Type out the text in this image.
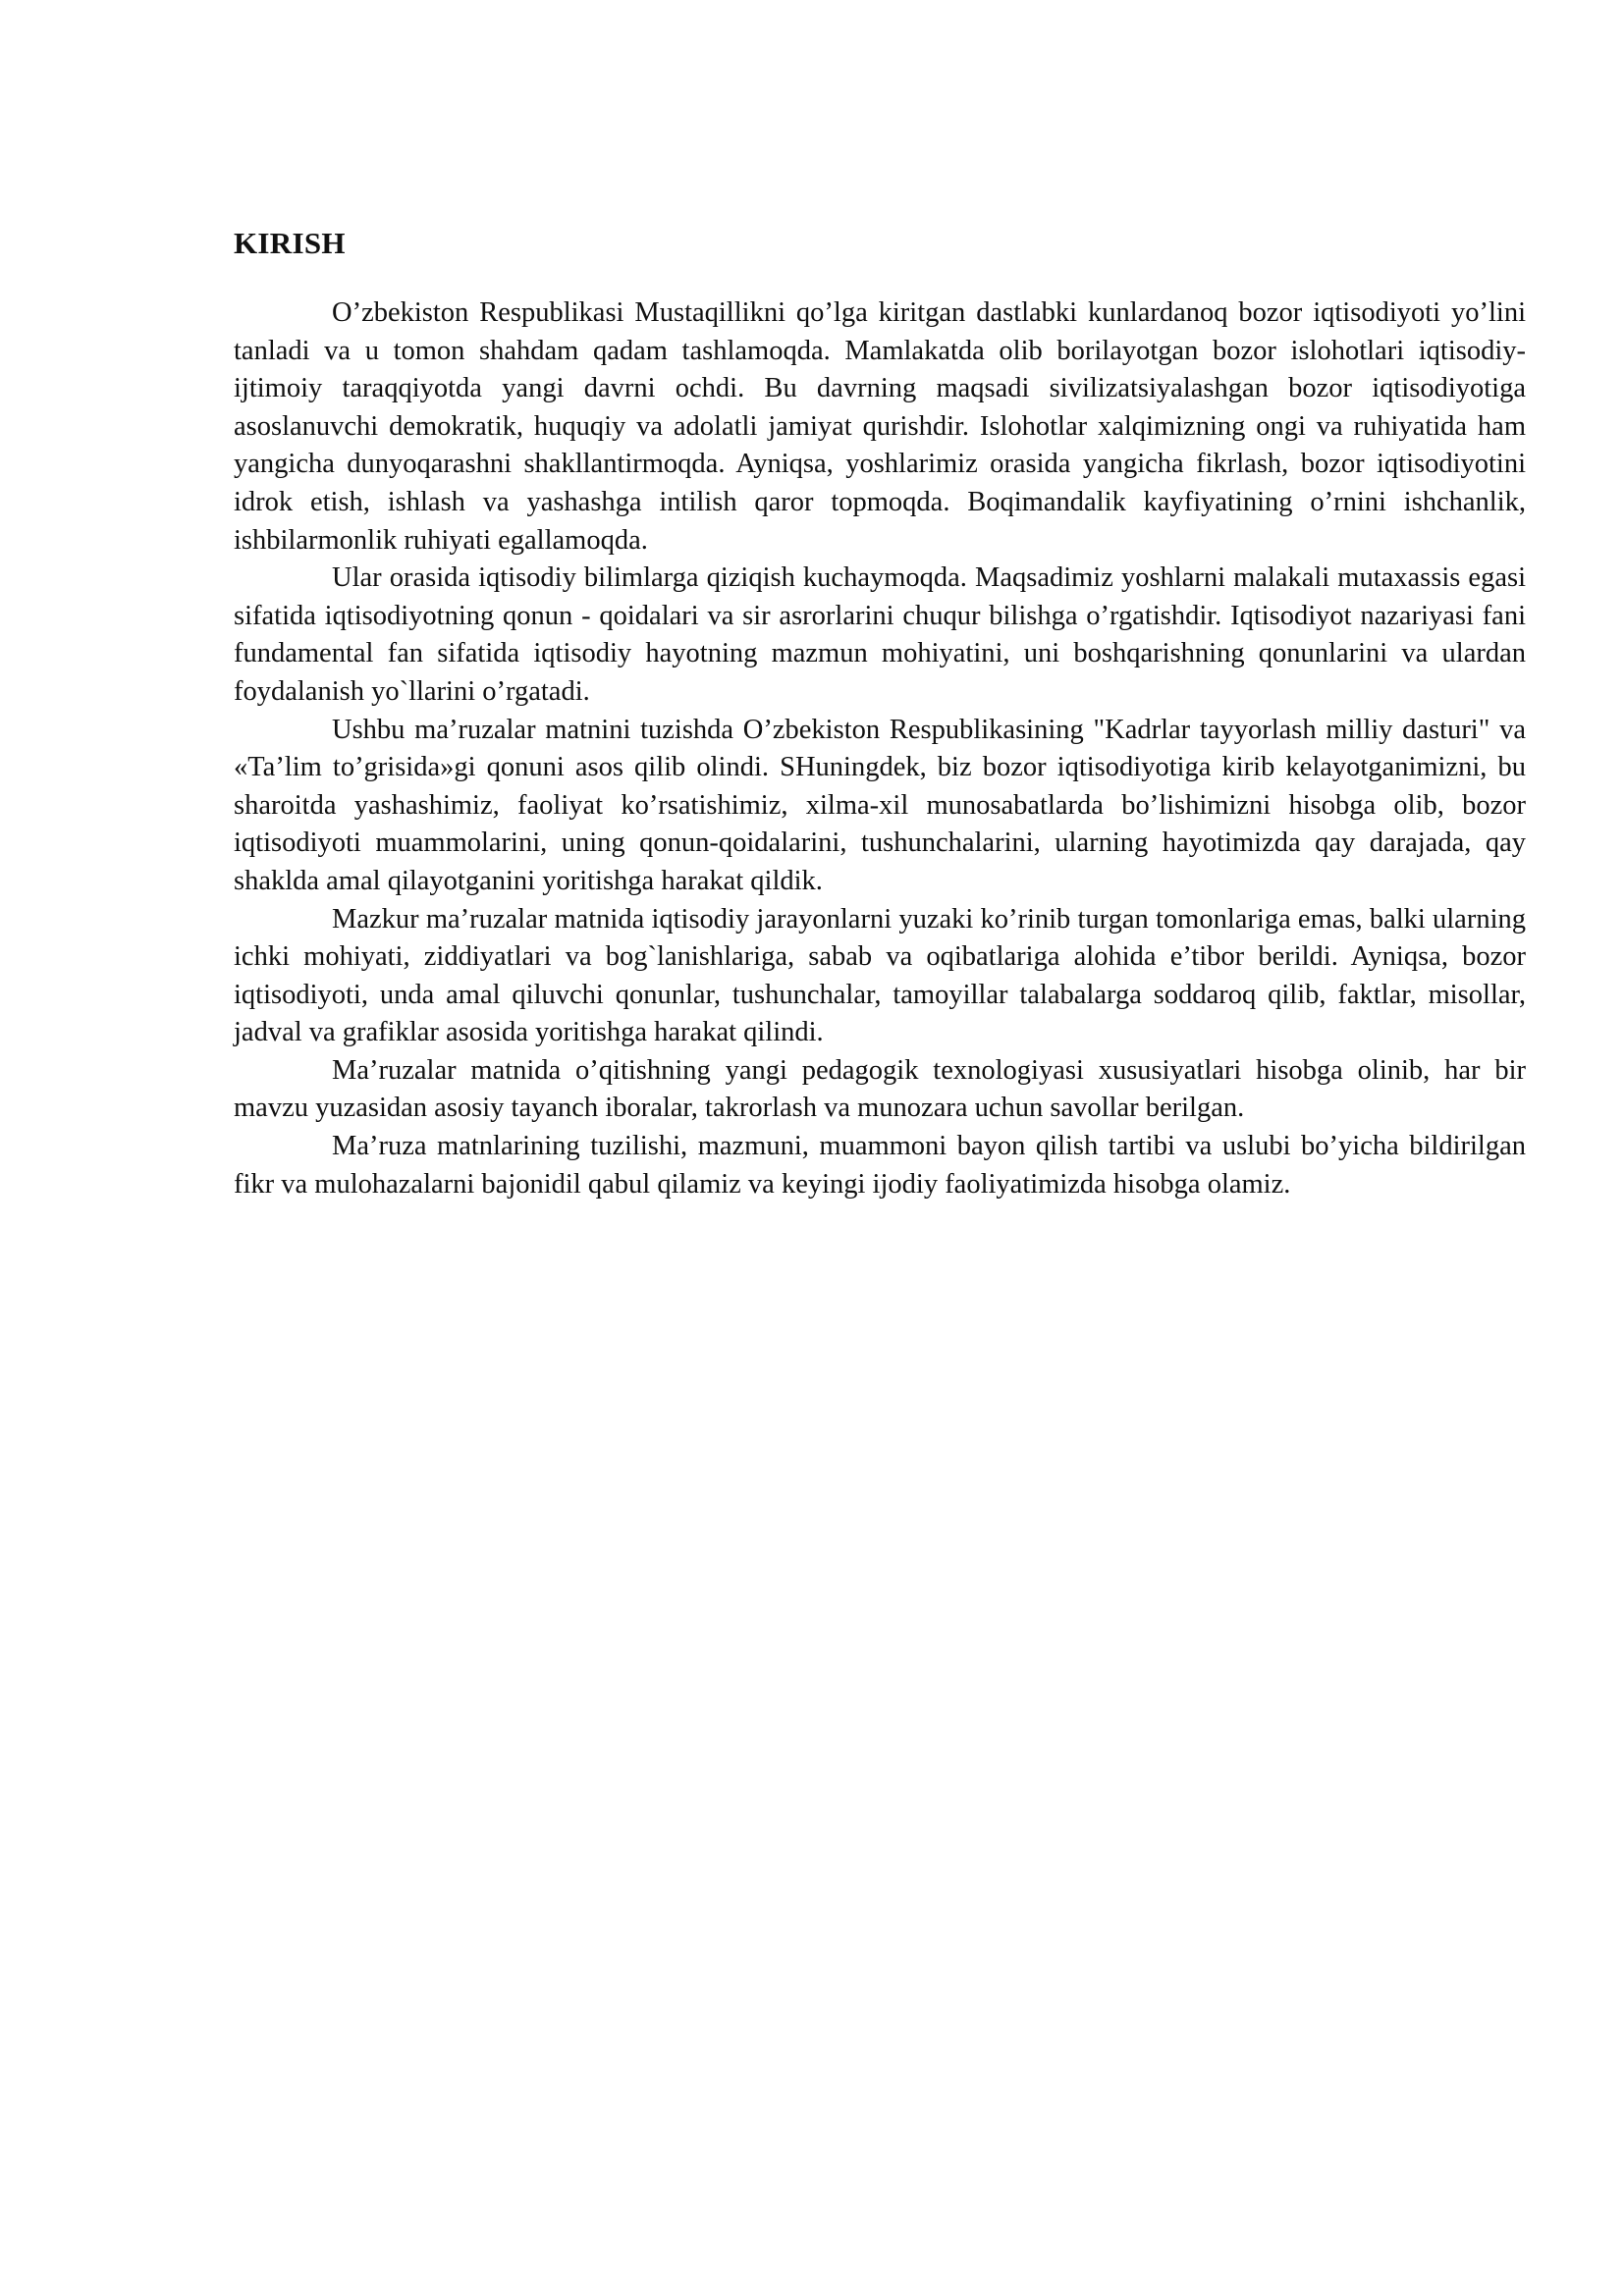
KIRISH

O’zbekiston Respublikasi Mustaqillikni qo’lga kiritgan dastlabki kunlardanoq bozor iqtisodiyoti yo’lini tanladi va u tomon shahdam qadam tashlamoqda. Mamlakatda olib borilayotgan bozor islohotlari iqtisodiy-ijtimoiy taraqqiyotda yangi davrni ochdi. Bu davrning maqsadi sivilizatsiyalashgan bozor iqtisodiyotiga asoslanuvchi demokratik, huquqiy va adolatli jamiyat qurishdir. Islohotlar xalqimizning ongi va ruhiyatida ham yangicha dunyoqarashni shakllantirmoqda. Ayniqsa, yoshlarimiz orasida yangicha fikrlash, bozor iqtisodiyotini idrok etish, ishlash va yashashga intilish qaror topmoqda. Boqimandalik kayfiyatining o’rnini ishchanlik, ishbilarmonlik ruhiyati egallamoqda.

Ular orasida iqtisodiy bilimlarga qiziqish kuchaymoqda. Maqsadimiz yoshlarni malakali mutaxassis egasi sifatida iqtisodiyotning qonun - qoidalari va sir asrorlarini chuqur bilishga o’rgatishdir. Iqtisodiyot nazariyasi fani fundamental fan sifatida iqtisodiy hayotning mazmun mohiyatini, uni boshqarishning qonunlarini va ulardan foydalanish yo`llarini o’rgatadi.

Ushbu ma’ruzalar matnini tuzishda O’zbekiston Respublikasining "Kadrlar tayyorlash milliy dasturi" va «Ta’lim to’grisida»gi qonuni asos qilib olindi. SHuningdek, biz bozor iqtisodiyotiga kirib kelayotganimizni, bu sharoitda yashashimiz, faoliyat ko’rsatishimiz, xilma-xil munosabatlarda bo’lishimizni hisobga olib, bozor iqtisodiyoti muammolarini, uning qonun-qoidalarini, tushunchalarini, ularning hayotimizda qay darajada, qay shaklda amal qilayotganini yoritishga harakat qildik.

Mazkur ma’ruzalar matnida iqtisodiy jarayonlarni yuzaki ko’rinib turgan tomonlariga emas, balki ularning ichki mohiyati, ziddiyatlari va bog`lanishlariga, sabab va oqibatlariga alohida e’tibor berildi. Ayniqsa, bozor iqtisodiyoti, unda amal qiluvchi qonunlar, tushunchalar, tamoyillar talabalarga soddaroq qilib, faktlar, misollar, jadval va grafiklar asosida yoritishga harakat qilindi.

Ma’ruzalar matnida o’qitishning yangi pedagogik texnologiyasi xususiyatlari hisobga olinib, har bir mavzu yuzasidan asosiy tayanch iboralar, takrorlash va munozara uchun savollar berilgan.

Ma’ruza matnlarining tuzilishi, mazmuni, muammoni bayon qilish tartibi va uslubi bo’yicha bildirilgan fikr va mulohazalarni bajonidil qabul qilamiz va keyingi ijodiy faoliyatimizda hisobga olamiz.
